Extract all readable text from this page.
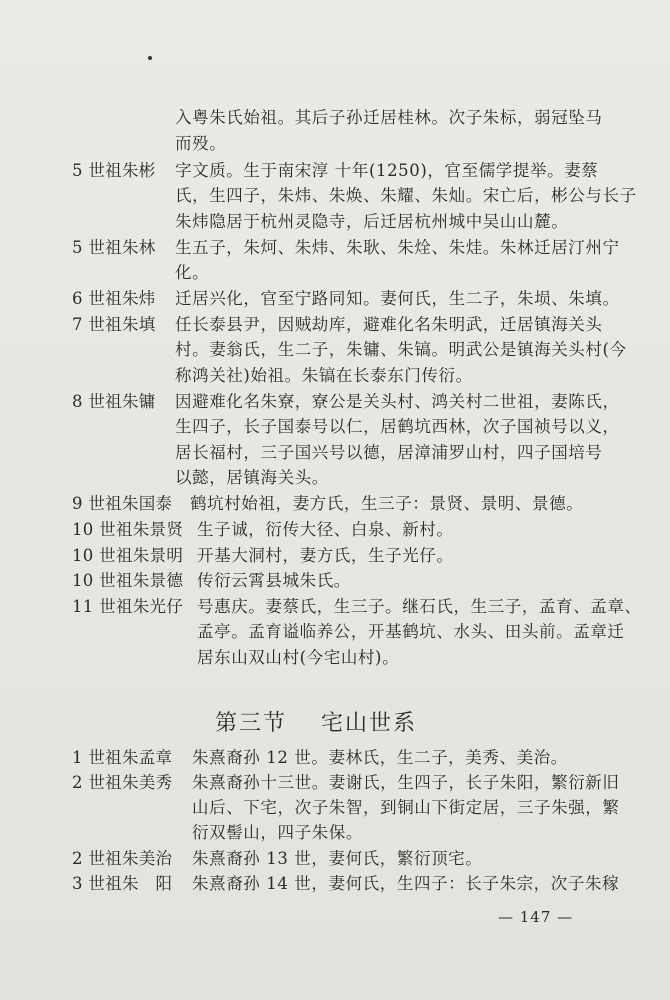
入粤朱氏始祖。其后子孙迁居桂林。次子朱标，弱冠坠马
而殁。
5 世祖朱彬 字文质。生于南宋淳 十年(1250)，官至儒学提举。妻蔡
氏，生四子，朱炜、朱焕、朱耀、朱灿。宋亡后，彬公与长子
朱炜隐居于杭州灵隐寺，后迁居杭州城中吴山山麓。
5 世祖朱林 生五子，朱炣、朱炜、朱耿、朱烇、朱烓。朱林迁居汀州宁
化。
6 世祖朱炜 迁居兴化，官至宁路同知。妻何氏，生二子，朱埙、朱填。
7 世祖朱填 任长泰县尹，因贼劫库，避难化名朱明武，迁居镇海关头
村。妻翁氏，生二子，朱镛、朱镐。明武公是镇海关头村(今
称鸿关社)始祖。朱镐在长泰东门传衍。
8 世祖朱镛 因避难化名朱寮，寮公是关头村、鸿关村二世祖，妻陈氏，
生四子，长子国泰号以仁，居鹤坑西林，次子国祯号以义，
居长福村，三子国兴号以德，居漳浦罗山村，四子国培号
以懿，居镇海关头。
9 世祖朱国泰 鹤坑村始祖，妻方氏，生三子：景贤、景明、景德。
10 世祖朱景贤 生子诚，衍传大径、白泉、新村。
10 世祖朱景明 开基大洞村，妻方氏，生子光仔。
10 世祖朱景德 传衍云霄县城朱氏。
11 世祖朱光仔 号惠庆。妻蔡氏，生三子。继石氏，生三子，孟育、孟章、
孟亭。孟育谥临养公，开基鹤坑、水头、田头前。孟章迁
居东山双山村(今宅山村)。
第三节 宅山世系
1 世祖朱孟章 朱熹裔孙 12 世。妻林氏，生二子，美秀、美治。
2 世祖朱美秀 朱熹裔孙十三世。妻谢氏，生四子，长子朱阳，繁衍新旧
山后、下宅，次子朱智，到铜山下街定居，三子朱强，繁
衍双髻山，四子朱保。
2 世祖朱美治 朱熹裔孙 13 世，妻何氏，繁衍顶宅。
3 世祖朱　阳 朱熹裔孙 14 世，妻何氏，生四子：长子朱宗，次子朱稼
— 147 —
